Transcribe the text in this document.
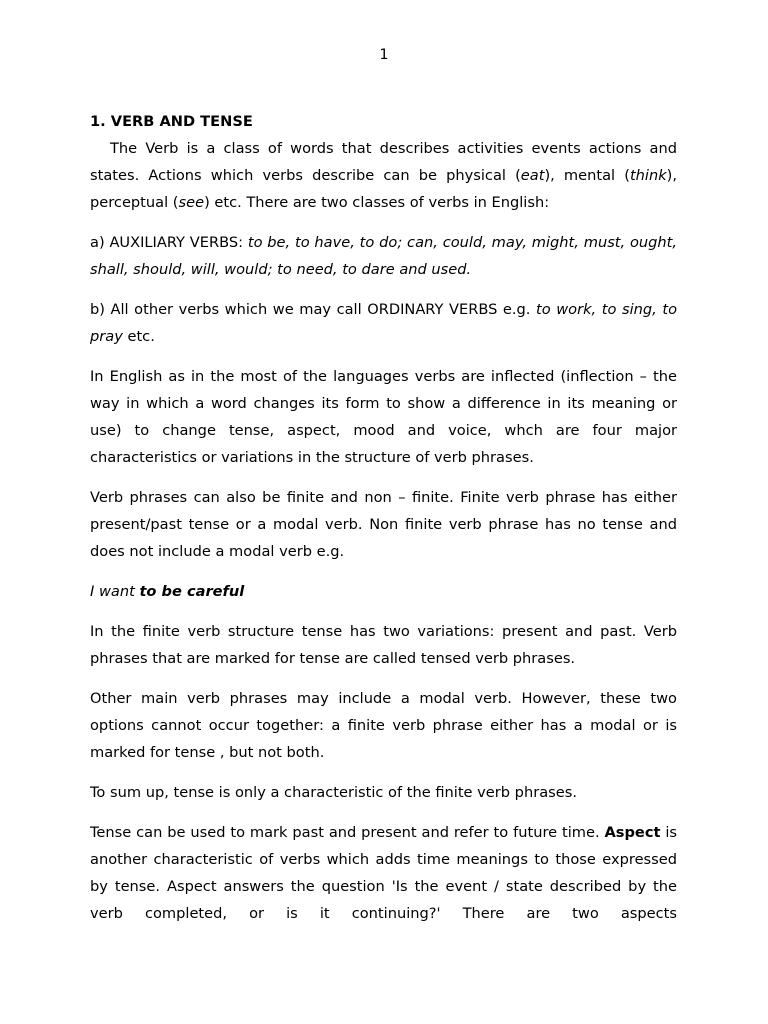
1
1. VERB AND TENSE

The Verb is a class of words that describes activities events actions and states. Actions which verbs describe can be physical (eat), mental (think), perceptual (see) etc. There are two classes of verbs in English:

a) AUXILIARY VERBS: to be, to have, to do; can, could, may, might, must, ought, shall, should, will, would; to need, to dare and used.

b) All other verbs which we may call ORDINARY VERBS e.g. to work, to sing, to pray etc.

In English as in the most of the languages verbs are inflected (inflection – the way in which a word changes its form to show a difference in its meaning or use) to change tense, aspect, mood and voice, whch are four major characteristics or variations in the structure of verb phrases.

Verb phrases can also be finite and non – finite. Finite verb phrase has either present/past tense or a modal verb. Non finite verb phrase has no tense and does not include a modal verb e.g.

I want to be careful

In the finite verb structure tense has two variations: present and past. Verb phrases that are marked for tense are called tensed verb phrases.

Other main verb phrases may include a modal verb. However, these two options cannot occur together: a finite verb phrase either has a modal or is marked for tense , but not both.

To sum up, tense is only a characteristic of the finite verb phrases.

Tense can be used to mark past and present and refer to future time. Aspect is another characteristic of verbs which adds time meanings to those expressed by tense. Aspect answers the question 'Is the event / state described by the verb completed, or is it continuing?' There are two aspects
